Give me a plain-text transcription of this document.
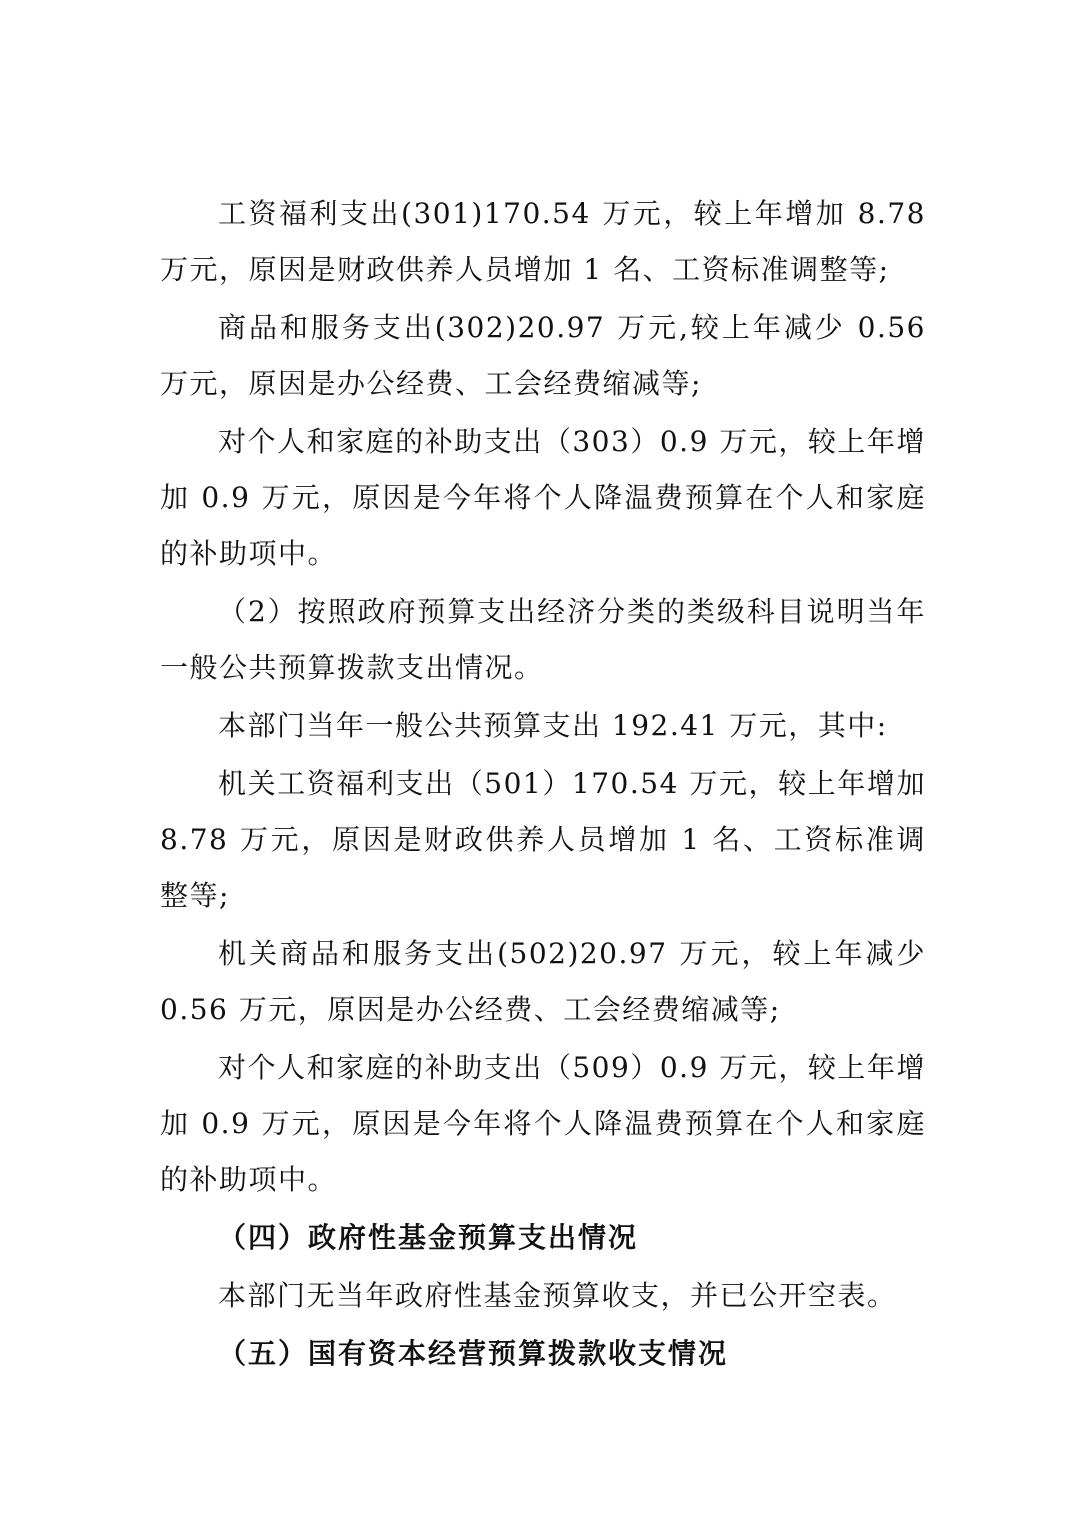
工资福利支出(301)170.54 万元，较上年增加 8.78 万元，原因是财政供养人员增加 1 名、工资标准调整等;

商品和服务支出(302)20.97 万元,较上年减少 0.56 万元，原因是办公经费、工会经费缩减等;

对个人和家庭的补助支出（303）0.9 万元，较上年增加 0.9 万元，原因是今年将个人降温费预算在个人和家庭的补助项中。

（2）按照政府预算支出经济分类的类级科目说明当年一般公共预算拨款支出情况。

本部门当年一般公共预算支出 192.41 万元，其中:

机关工资福利支出（501）170.54 万元，较上年增加 8.78 万元，原因是财政供养人员增加 1 名、工资标准调整等;

机关商品和服务支出(502)20.97 万元，较上年减少 0.56 万元，原因是办公经费、工会经费缩减等;

对个人和家庭的补助支出（509）0.9 万元，较上年增加 0.9 万元，原因是今年将个人降温费预算在个人和家庭的补助项中。

（四）政府性基金预算支出情况

本部门无当年政府性基金预算收支，并已公开空表。

（五）国有资本经营预算拨款收支情况
